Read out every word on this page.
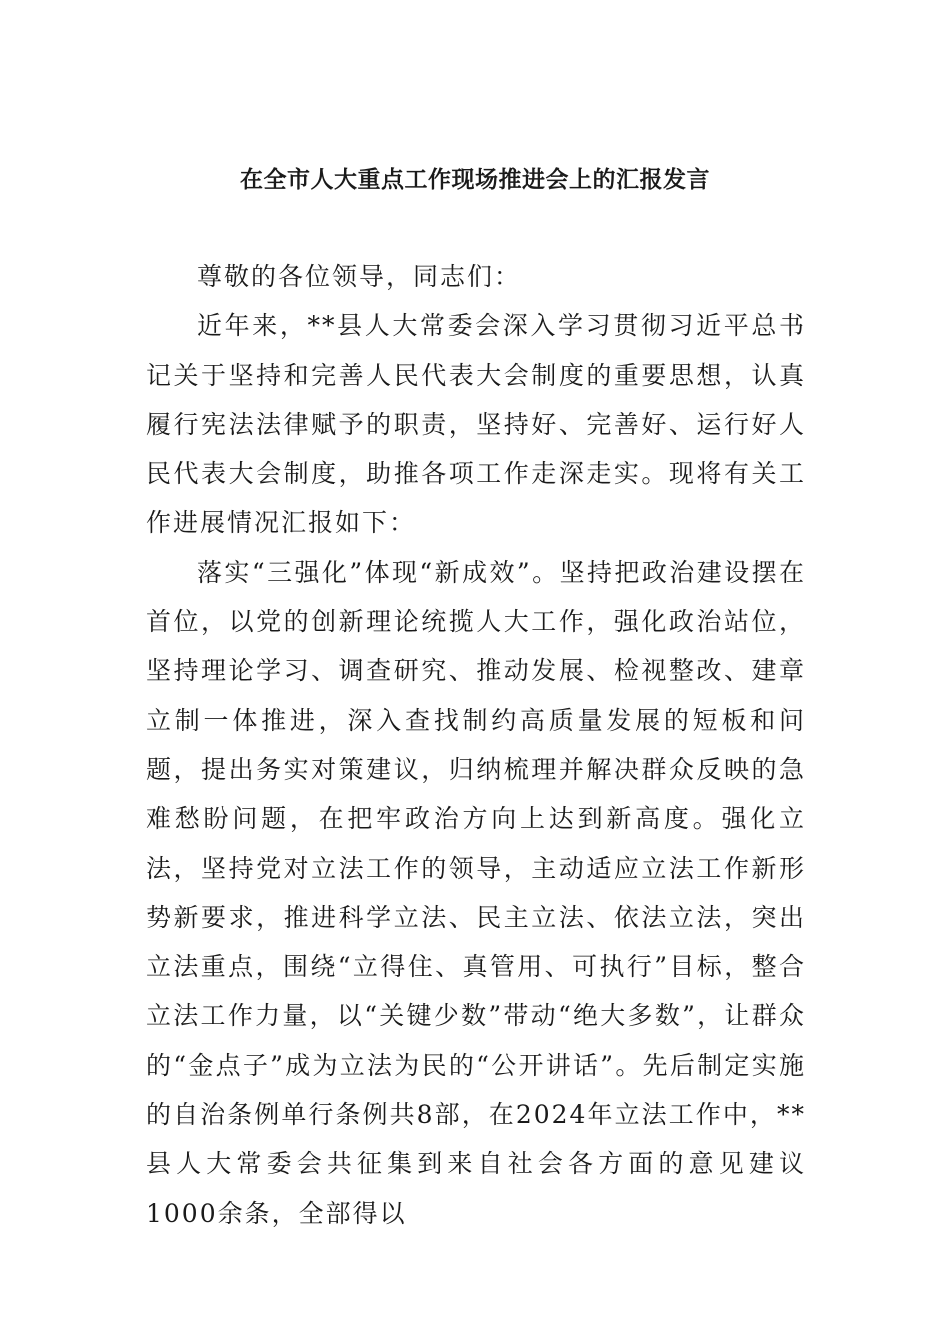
在全市人大重点工作现场推进会上的汇报发言

尊敬的各位领导，同志们：

近年来，**县人大常委会深入学习贯彻习近平总书记关于坚持和完善人民代表大会制度的重要思想，认真履行宪法法律赋予的职责，坚持好、完善好、运行好人民代表大会制度，助推各项工作走深走实。现将有关工作进展情况汇报如下：

落实“三强化”体现“新成效”。坚持把政治建设摆在首位，以党的创新理论统揽人大工作，强化政治站位，坚持理论学习、调查研究、推动发展、检视整改、建章立制一体推进，深入查找制约高质量发展的短板和问题，提出务实对策建议，归纳梳理并解决群众反映的急难愁盼问题，在把牢政治方向上达到新高度。强化立法，坚持党对立法工作的领导，主动适应立法工作新形势新要求，推进科学立法、民主立法、依法立法，突出立法重点，围绕“立得住、真管用、可执行”目标，整合立法工作力量，以“关键少数”带动“绝大多数”，让群众的“金点子”成为立法为民的“公开讲话”。先后制定实施的自治条例单行条例共8部，在2024年立法工作中，**县人大常委会共征集到来自社会各方面的意见建议1000余条，全部得以
